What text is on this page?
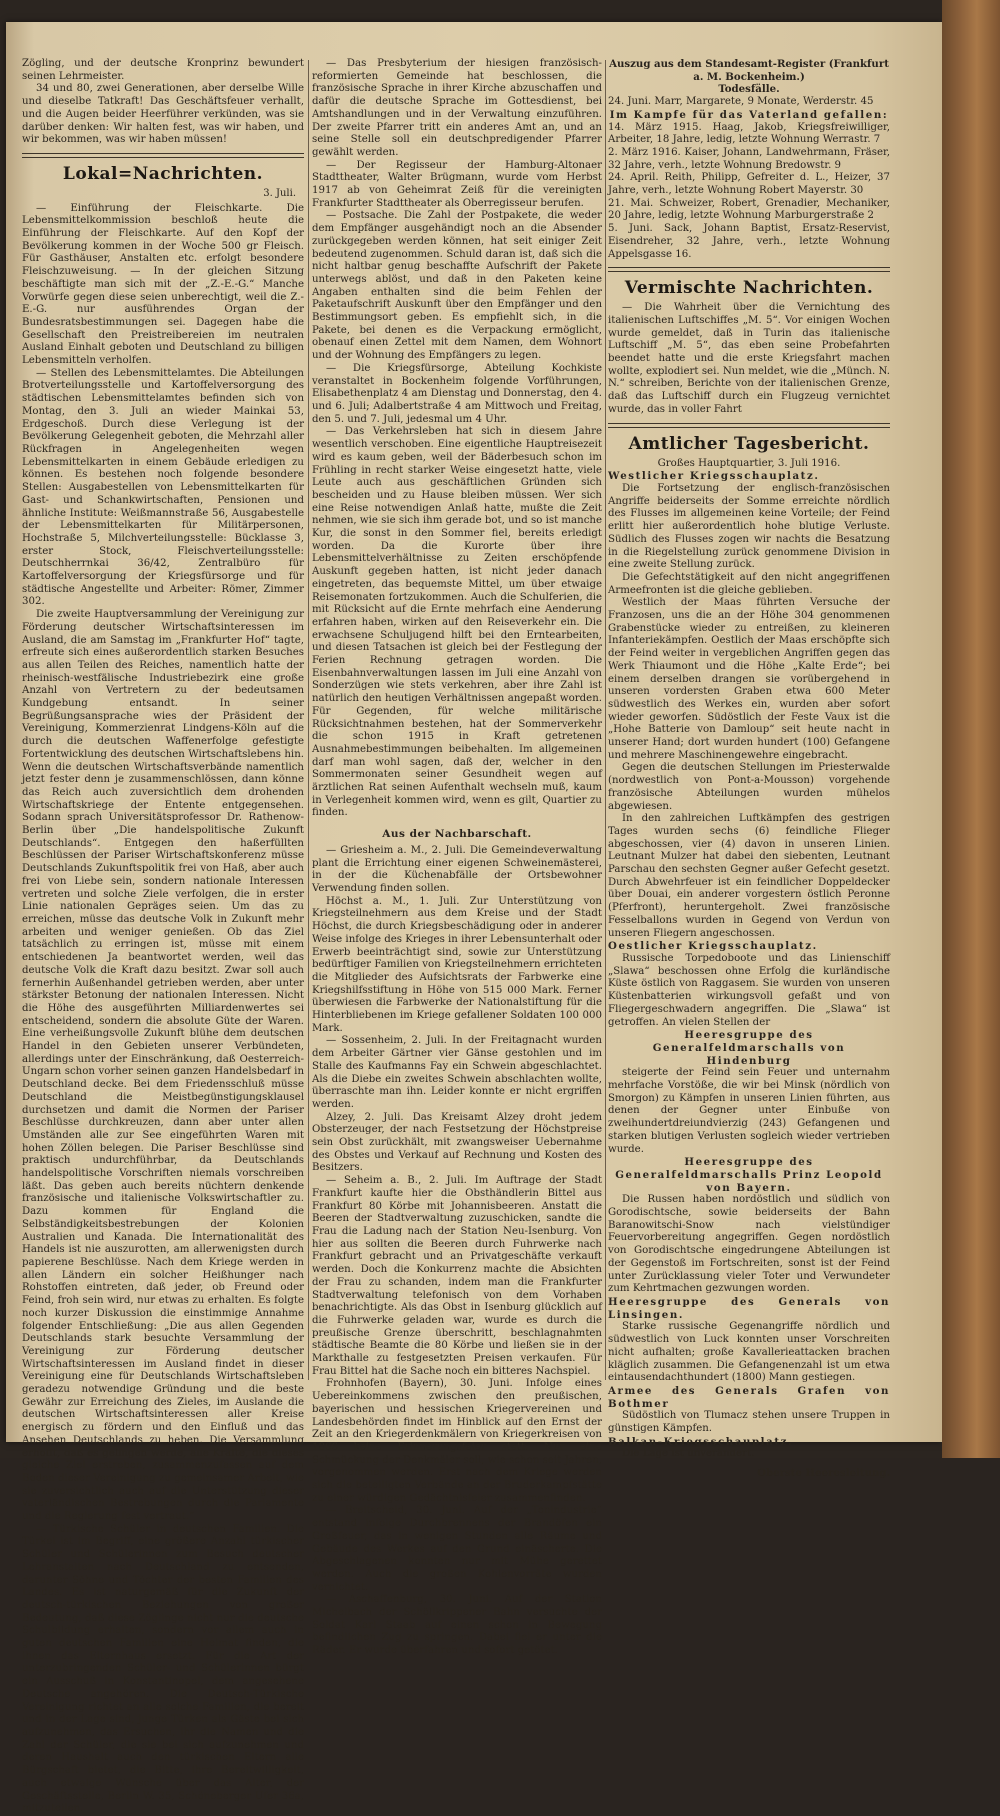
Zögling, und der deutsche Kronprinz bewundert seinen Lehrmeister.

34 und 80, zwei Generationen, aber derselbe Wille und dieselbe Tatkraft! Das Geschäftsfeuer verhallt, und die Augen beider Heerführer verkünden, was sie darüber denken: Wir halten fest, was wir haben, und wir bekommen, was wir haben müssen!

Lokal=Nachrichten.
3. Juli.

— Einführung der Fleischkarte. Die Lebensmittelkommission beschloß heute die Einführung der Fleischkarte. Auf den Kopf der Bevölkerung kommen in der Woche 500 gr Fleisch. Für Gasthäuser, Anstalten etc. erfolgt besondere Fleischzuweisung. — In der gleichen Sitzung beschäftigte man sich mit der „Z.-E.-G.“ Manche Vorwürfe gegen diese seien unberechtigt, weil die Z.-E.-G. nur ausführendes Organ der Bundesratsbestimmungen sei. Dagegen habe die Gesellschaft den Preistreibereien im neutralen Ausland Einhalt geboten und Deutschland zu billigen Lebensmitteln verholfen.

— Stellen des Lebensmittelamtes. Die Abteilungen Brotverteilungsstelle und Kartoffelversorgung des städtischen Lebensmittelamtes befinden sich von Montag, den 3. Juli an wieder Mainkai 53, Erdgeschoß. Durch diese Verlegung ist der Bevölkerung Gelegenheit geboten, die Mehrzahl aller Rückfragen in Angelegenheiten wegen Lebensmittelkarten in einem Gebäude erledigen zu können. Es bestehen noch folgende besondere Stellen: Ausgabestellen von Lebensmittelkarten für Gast- und Schankwirtschaften, Pensionen und ähnliche Institute: Weißmannstraße 56, Ausgabestelle der Lebensmittelkarten für Militärpersonen, Hochstraße 5, Milchverteilungsstelle: Bücklasse 3, erster Stock, Fleischverteilungsstelle: Deutschherrnkai 36/42, Zentralbüro für Kartoffelversorgung der Kriegsfürsorge und für städtische Angestellte und Arbeiter: Römer, Zimmer 302.

Die zweite Hauptversammlung der Vereinigung zur Förderung deutscher Wirtschaftsinteressen im Ausland, die am Samstag im „Frankfurter Hof“ tagte, erfreute sich eines außerordentlich starken Besuches aus allen Teilen des Reiches, namentlich hatte der rheinisch-westfälische Industriebezirk eine große Anzahl von Vertretern zu der bedeutsamen Kundgebung entsandt. In seiner Begrüßungsansprache wies der Präsident der Vereinigung, Kommerzienrat Lindgens-Köln auf die durch die deutschen Waffenerfolge gefestigte Fortentwicklung des deutschen Wirtschaftslebens hin. Wenn die deutschen Wirtschaftsverbände namentlich jetzt fester denn je zusammenschlössen, dann könne das Reich auch zuversichtlich dem drohenden Wirtschaftskriege der Entente entgegensehen. Sodann sprach Universitätsprofessor Dr. Rathenow-Berlin über „Die handelspolitische Zukunft Deutschlands“. Entgegen den haßerfüllten Beschlüssen der Pariser Wirtschaftskonferenz müsse Deutschlands Zukunftspolitik frei von Haß, aber auch frei von Liebe sein, sondern nationale Interessen vertreten und solche Ziele verfolgen, die in erster Linie nationalen Gepräges seien. Um das zu erreichen, müsse das deutsche Volk in Zukunft mehr arbeiten und weniger genießen. Ob das Ziel tatsächlich zu erringen ist, müsse mit einem entschiedenen Ja beantwortet werden, weil das deutsche Volk die Kraft dazu besitzt. Zwar soll auch fernerhin Außenhandel getrieben werden, aber unter stärkster Betonung der nationalen Interessen. Nicht die Höhe des ausgeführten Milliardenwertes sei entscheidend, sondern die absolute Güte der Waren. Eine verheißungsvolle Zukunft blühe dem deutschen Handel in den Gebieten unserer Verbündeten, allerdings unter der Einschränkung, daß Oesterreich-Ungarn schon vorher seinen ganzen Handelsbedarf in Deutschland decke. Bei dem Friedensschluß müsse Deutschland die Meistbegünstigungsklausel durchsetzen und damit die Normen der Pariser Beschlüsse durchkreuzen, dann aber unter allen Umständen alle zur See eingeführten Waren mit hohen Zöllen belegen. Die Pariser Beschlüsse sind praktisch undurchführbar, da Deutschlands handelspolitische Vorschriften niemals vorschreiben läßt. Das geben auch bereits nüchtern denkende französische und italienische Volkswirtschaftler zu. Dazu kommen für England die Selbständigkeitsbestrebungen der Kolonien Australien und Kanada. Die Internationalität des Handels ist nie auszurotten, am allerwenigsten durch papierene Beschlüsse. Nach dem Kriege werden in allen Ländern ein solcher Heißhunger nach Rohstoffen eintreten, daß jeder, ob Freund oder Feind, froh sein wird, nur etwas zu erhalten. Es folgte noch kurzer Diskussion die einstimmige Annahme folgender Entschließung: „Die aus allen Gegenden Deutschlands stark besuchte Versammlung der Vereinigung zur Förderung deutscher Wirtschaftsinteressen im Ausland findet in dieser Vereinigung eine für Deutschlands Wirtschaftsleben geradezu notwendige Gründung und die beste Gewähr zur Erreichung des Zieles, im Auslande die deutschen Wirtschaftsinteressen aller Kreise energisch zu fördern und den Einfluß und das Ansehen Deutschlands zu heben. Die Versammlung erhofft, daß es gelingen werde, alle Kräfte, die dieses gleiche Ziel erstreben, zusammenzufassen auf dem Boden dieser Vereinigung zu gemeinsamer Arbeit, wie sie zuversichtlich auch auf die Unterstützung dieser vaterländischen Bestrebungen durch die Parlamente und die Regierung fest vertraut.“

— Türkische Schüler in deutschen Familien. Die Türkei ist im Begriff, eine größere Anzahl türkischer Schüler und Schülerinnen zum Besuch deutscher Lehranstalten nach Deutschland zu entsenden, darunter Söhne und Töchter der besten Familien des Landes. Es ist naturgemäß für die Zukunft der deutsch-türkischen Beziehungen von großer Bedeutung, daß diese Zöglinge nicht nur die deutsche Schulbildung erhalten, sondern vor allem auch in guten deutschen Familien eine Heimat finden, die ihnen das Elternhaus ersetzt. Für die Art der unterzubringenden Schüler- und Schülerinnen bürgt ein Ausschuß in Konstantinopel, dem angesehene Deutsche angehören. Die Deutsch-Türkische Vereinigung richtet an alle solche Familien, die bereit und in der Lage sind, junge Türken als Gäste bei sich aufzunehmen, das Ersuchen, ihr die Namen und die Zahl der Schüler, die sie bei sich aufzunehmen und deren Haushalt auch den türkischen Eltern alle Bürgschaft bietet, die Bitte, ihre Bereitwilligkeit, auch etwaige Wünsche über das Alter, der Geschäftsstelle, Berlin W. 35, Schöneberger Ufer 36a, mitzuteilen.

— Das Presbyterium der hiesigen französisch-reformierten Gemeinde hat beschlossen, die französische Sprache in ihrer Kirche abzuschaffen und dafür die deutsche Sprache im Gottesdienst, bei Amtshandlungen und in der Verwaltung einzuführen. Der zweite Pfarrer tritt ein anderes Amt an, und an seine Stelle soll ein deutschpredigender Pfarrer gewählt werden.

— Der Regisseur der Hamburg-Altonaer Stadttheater, Walter Brügmann, wurde vom Herbst 1917 ab von Geheimrat Zeiß für die vereinigten Frankfurter Stadttheater als Oberregisseur berufen.

— Postsache. Die Zahl der Postpakete, die weder dem Empfänger ausgehändigt noch an die Absender zurückgegeben werden können, hat seit einiger Zeit bedeutend zugenommen. Schuld daran ist, daß sich die nicht haltbar genug beschaffte Aufschrift der Pakete unterwegs ablöst, und daß in den Paketen keine Angaben enthalten sind die beim Fehlen der Paketaufschrift Auskunft über den Empfänger und den Bestimmungsort geben. Es empfiehlt sich, in die Pakete, bei denen es die Verpackung ermöglicht, obenauf einen Zettel mit dem Namen, dem Wohnort und der Wohnung des Empfängers zu legen.

— Die Kriegsfürsorge, Abteilung Kochkiste veranstaltet in Bockenheim folgende Vorführungen, Elisabethenplatz 4 am Dienstag und Donnerstag, den 4. und 6. Juli; Adalbertstraße 4 am Mittwoch und Freitag, den 5. und 7. Juli, jedesmal um 4 Uhr.

— Das Verkehrsleben hat sich in diesem Jahre wesentlich verschoben. Eine eigentliche Hauptreisezeit wird es kaum geben, weil der Bäderbesuch schon im Frühling in recht starker Weise eingesetzt hatte, viele Leute auch aus geschäftlichen Gründen sich bescheiden und zu Hause bleiben müssen. Wer sich eine Reise notwendigen Anlaß hatte, mußte die Zeit nehmen, wie sie sich ihm gerade bot, und so ist manche Kur, die sonst in den Sommer fiel, bereits erledigt worden. Da die Kurorte über ihre Lebensmittelverhältnisse zu Zeiten erschöpfende Auskunft gegeben hatten, ist nicht jeder danach eingetreten, das bequemste Mittel, um über etwaige Reisemonaten fortzukommen. Auch die Schulferien, die mit Rücksicht auf die Ernte mehrfach eine Aenderung erfahren haben, wirken auf den Reiseverkehr ein. Die erwachsene Schuljugend hilft bei den Erntearbeiten, und diesen Tatsachen ist gleich bei der Festlegung der Ferien Rechnung getragen worden. Die Eisenbahnverwaltungen lassen im Juli eine Anzahl von Sonderzügen wie stets verkehren, aber ihre Zahl ist natürlich den heutigen Verhältnissen angepaßt worden. Für Gegenden, für welche militärische Rücksichtnahmen bestehen, hat der Sommerverkehr die schon 1915 in Kraft getretenen Ausnahmebestimmungen beibehalten. Im allgemeinen darf man wohl sagen, daß der, welcher in den Sommermonaten seiner Gesundheit wegen auf ärztlichen Rat seinen Aufenthalt wechseln muß, kaum in Verlegenheit kommen wird, wenn es gilt, Quartier zu finden.

Aus der Nachbarschaft.

— Griesheim a. M., 2. Juli. Die Gemeindeverwaltung plant die Errichtung einer eigenen Schweinemästerei, in der die Küchenabfälle der Ortsbewohner Verwendung finden sollen.

Höchst a. M., 1. Juli. Zur Unterstützung von Kriegsteilnehmern aus dem Kreise und der Stadt Höchst, die durch Kriegsbeschädigung oder in anderer Weise infolge des Krieges in ihrer Lebensunterhalt oder Erwerb beeinträchtigt sind, sowie zur Unterstützung bedürftiger Familien von Kriegsteilnehmern errichteten die Mitglieder des Aufsichtsrats der Farbwerke eine Kriegshilfsstiftung in Höhe von 515 000 Mark. Ferner überwiesen die Farbwerke der Nationalstiftung für die Hinterbliebenen im Kriege gefallener Soldaten 100 000 Mark.

— Sossenheim, 2. Juli. In der Freitagnacht wurden dem Arbeiter Gärtner vier Gänse gestohlen und im Stalle des Kaufmanns Fay ein Schwein abgeschlachtet. Als die Diebe ein zweites Schwein abschlachten wollte, überraschte man ihn. Leider konnte er nicht ergriffen werden.

Alzey, 2. Juli. Das Kreisamt Alzey droht jedem Obsterzeuger, der nach Festsetzung der Höchstpreise sein Obst zurückhält, mit zwangsweiser Uebernahme des Obstes und Verkauf auf Rechnung und Kosten des Besitzers.

— Seheim a. B., 2. Juli. Im Auftrage der Stadt Frankfurt kaufte hier die Obsthändlerin Bittel aus Frankfurt 80 Körbe mit Johannisbeeren. Anstatt die Beeren der Stadtverwaltung zuzuschicken, sandte die Frau die Ladung nach der Station Neu-Isenburg. Von hier aus sollten die Beeren durch Fuhrwerke nach Frankfurt gebracht und an Privatgeschäfte verkauft werden. Doch die Konkurrenz machte die Absichten der Frau zu schanden, indem man die Frankfurter Stadtverwaltung telefonisch von dem Vorhaben benachrichtigte. Als das Obst in Isenburg glücklich auf die Fuhrwerke geladen war, wurde es durch die preußische Grenze überschritt, beschlagnahmten städtische Beamte die 80 Körbe und ließen sie in der Markthalle zu festgesetzten Preisen verkaufen. Für Frau Bittel hat die Sache noch ein bitteres Nachspiel.

Frohnhofen (Bayern), 30. Juni. Infolge eines Uebereinkommens zwischen den preußischen, bayerischen und hessischen Kriegervereinen und Landesbehörden findet im Hinblick auf den Ernst der Zeit an den Kriegerdenkmälern von Kriegerkreisen von 1866 keine Erinnerungsfeier statt. Nur eine Schmückung der Denkmäler soll, wie schon seit Jahren, vorgenommen werden. Erst nach dem Kriege werden sich die beteiligten Verbände an der Bruderkampfstätte zu einer würdigen Gedächtnisfeier zusammenfinden.

— Breitscheid, 30. Juni. Auf der „Tonindustrie“ entstand infolge Durchbrennens der Brandöfen ein Großfeuer, das in wenigen Stunden alle Räume und Gebäude des Werkes auf den Grund einäscherte. Die Abgeschlagenen konnten nur mit Mühe gerettet werden. Auch die großen Kohlenvorräte wurden vernichtet.

— Aschaffenburg, 30. Juni. Auf der Station Michelbach der Schöllkrippener Bahn versuchte der Soldat Karl Staab auf einen schon in Bewegung befindlichen Zug zu springen. Dabei fiel er unter die Räder. Er wurde überfahren und sofort getötet.

Auszug aus dem Standesamt-Register (Frankfurt a. M. Bockenheim.)

Todesfälle.

24. Juni. Marr, Margarete, 9 Monate, Werderstr. 45

Im Kampfe für das Vaterland gefallen:

14. März 1915. Haag, Jakob, Kriegsfreiwilliger, Arbeiter, 18 Jahre, ledig, letzte Wohnung Werrastr. 7

2. März 1916. Kaiser, Johann, Landwehrmann, Fräser, 32 Jahre, verh., letzte Wohnung Bredowstr. 9

24. April. Reith, Philipp, Gefreiter d. L., Heizer, 37 Jahre, verh., letzte Wohnung Robert Mayerstr. 30

21. Mai. Schweizer, Robert, Grenadier, Mechaniker, 20 Jahre, ledig, letzte Wohnung Marburgerstraße 2

5. Juni. Sack, Johann Baptist, Ersatz-Reservist, Eisendreher, 32 Jahre, verh., letzte Wohnung Appelsgasse 16.

Vermischte Nachrichten.

— Die Wahrheit über die Vernichtung des italienischen Luftschiffes „M. 5“. Vor einigen Wochen wurde gemeldet, daß in Turin das italienische Luftschiff „M. 5“, das eben seine Probefahrten beendet hatte und die erste Kriegsfahrt machen wollte, explodiert sei. Nun meldet, wie die „Münch. N. N.“ schreiben, Berichte von der italienischen Grenze, daß das Luftschiff durch ein Flugzeug vernichtet wurde, das in voller Fahrt

Amtlicher Tagesbericht.

Großes Hauptquartier, 3. Juli 1916.

Westlicher Kriegsschauplatz.

Die Fortsetzung der englisch-französischen Angriffe beiderseits der Somme erreichte nördlich des Flusses im allgemeinen keine Vorteile; der Feind erlitt hier außerordentlich hohe blutige Verluste. Südlich des Flusses zogen wir nachts die Besatzung in die Riegelstellung zurück genommene Division in eine zweite Stellung zurück.

Die Gefechtstätigkeit auf den nicht angegriffenen Armeefronten ist die gleiche geblieben.

Westlich der Maas führten Versuche der Franzosen, uns die an der Höhe 304 genommenen Grabenstücke wieder zu entreißen, zu kleineren Infanteriekämpfen. Oestlich der Maas erschöpfte sich der Feind weiter in vergeblichen Angriffen gegen das Werk Thiaumont und die Höhe „Kalte Erde“; bei einem derselben drangen sie vorübergehend in unseren vordersten Graben etwa 600 Meter südwestlich des Werkes ein, wurden aber sofort wieder geworfen. Südöstlich der Feste Vaux ist die „Hohe Batterie von Damloup“ seit heute nacht in unserer Hand; dort wurden hundert (100) Gefangene und mehrere Maschinengewehre eingebracht.

Gegen die deutschen Stellungen im Priesterwalde (nordwestlich von Pont-a-Mousson) vorgehende französische Abteilungen wurden mühelos abgewiesen.

In den zahlreichen Luftkämpfen des gestrigen Tages wurden sechs (6) feindliche Flieger abgeschossen, vier (4) davon in unseren Linien. Leutnant Mulzer hat dabei den siebenten, Leutnant Parschau den sechsten Gegner außer Gefecht gesetzt. Durch Abwehrfeuer ist ein feindlicher Doppeldecker über Douai, ein anderer vorgestern östlich Peronne (Pferfront), heruntergeholt. Zwei französische Fesselballons wurden in Gegend von Verdun von unseren Fliegern angeschossen.

Oestlicher Kriegsschauplatz.

Russische Torpedoboote und das Linienschiff „Slawa“ beschossen ohne Erfolg die kurländische Küste östlich von Raggasem. Sie wurden von unseren Küstenbatterien wirkungsvoll gefaßt und von Fliegergeschwadern angegriffen. Die „Slawa“ ist getroffen. An vielen Stellen der

Heeresgruppe des Generalfeldmarschalls von Hindenburg

steigerte der Feind sein Feuer und unternahm mehrfache Vorstöße, die wir bei Minsk (nördlich von Smorgon) zu Kämpfen in unseren Linien führten, aus denen der Gegner unter Einbuße von zweihundertdreiundvierzig (243) Gefangenen und starken blutigen Verlusten sogleich wieder vertrieben wurde.

Heeresgruppe des Generalfeldmarschalls Prinz Leopold von Bayern.

Die Russen haben nordöstlich und südlich von Gorodischtsche, sowie beiderseits der Bahn Baranowitschi-Snow nach vielstündiger Feuervorbereitung angegriffen. Gegen nordöstlich von Gorodischtsche eingedrungene Abteilungen ist der Gegenstoß im Fortschreiten, sonst ist der Feind unter Zurücklassung vieler Toter und Verwundeter zum Kehrtmachen gezwungen worden.

Heeresgruppe des Generals von Linsingen.

Starke russische Gegenangriffe nördlich und südwestlich von Luck konnten unser Vorschreiten nicht aufhalten; große Kavallerieattacken brachen kläglich zusammen. Die Gefangenenzahl ist um etwa eintausendachthundert (1800) Mann gestiegen.

Armee des Generals Grafen von Bothmer

Südöstlich von Tlumacz stehen unsere Truppen in günstigen Kämpfen.

Balkan-Kriegsschauplatz.

Die Lage ist unverändert.

Oberste Heeresleitung.
